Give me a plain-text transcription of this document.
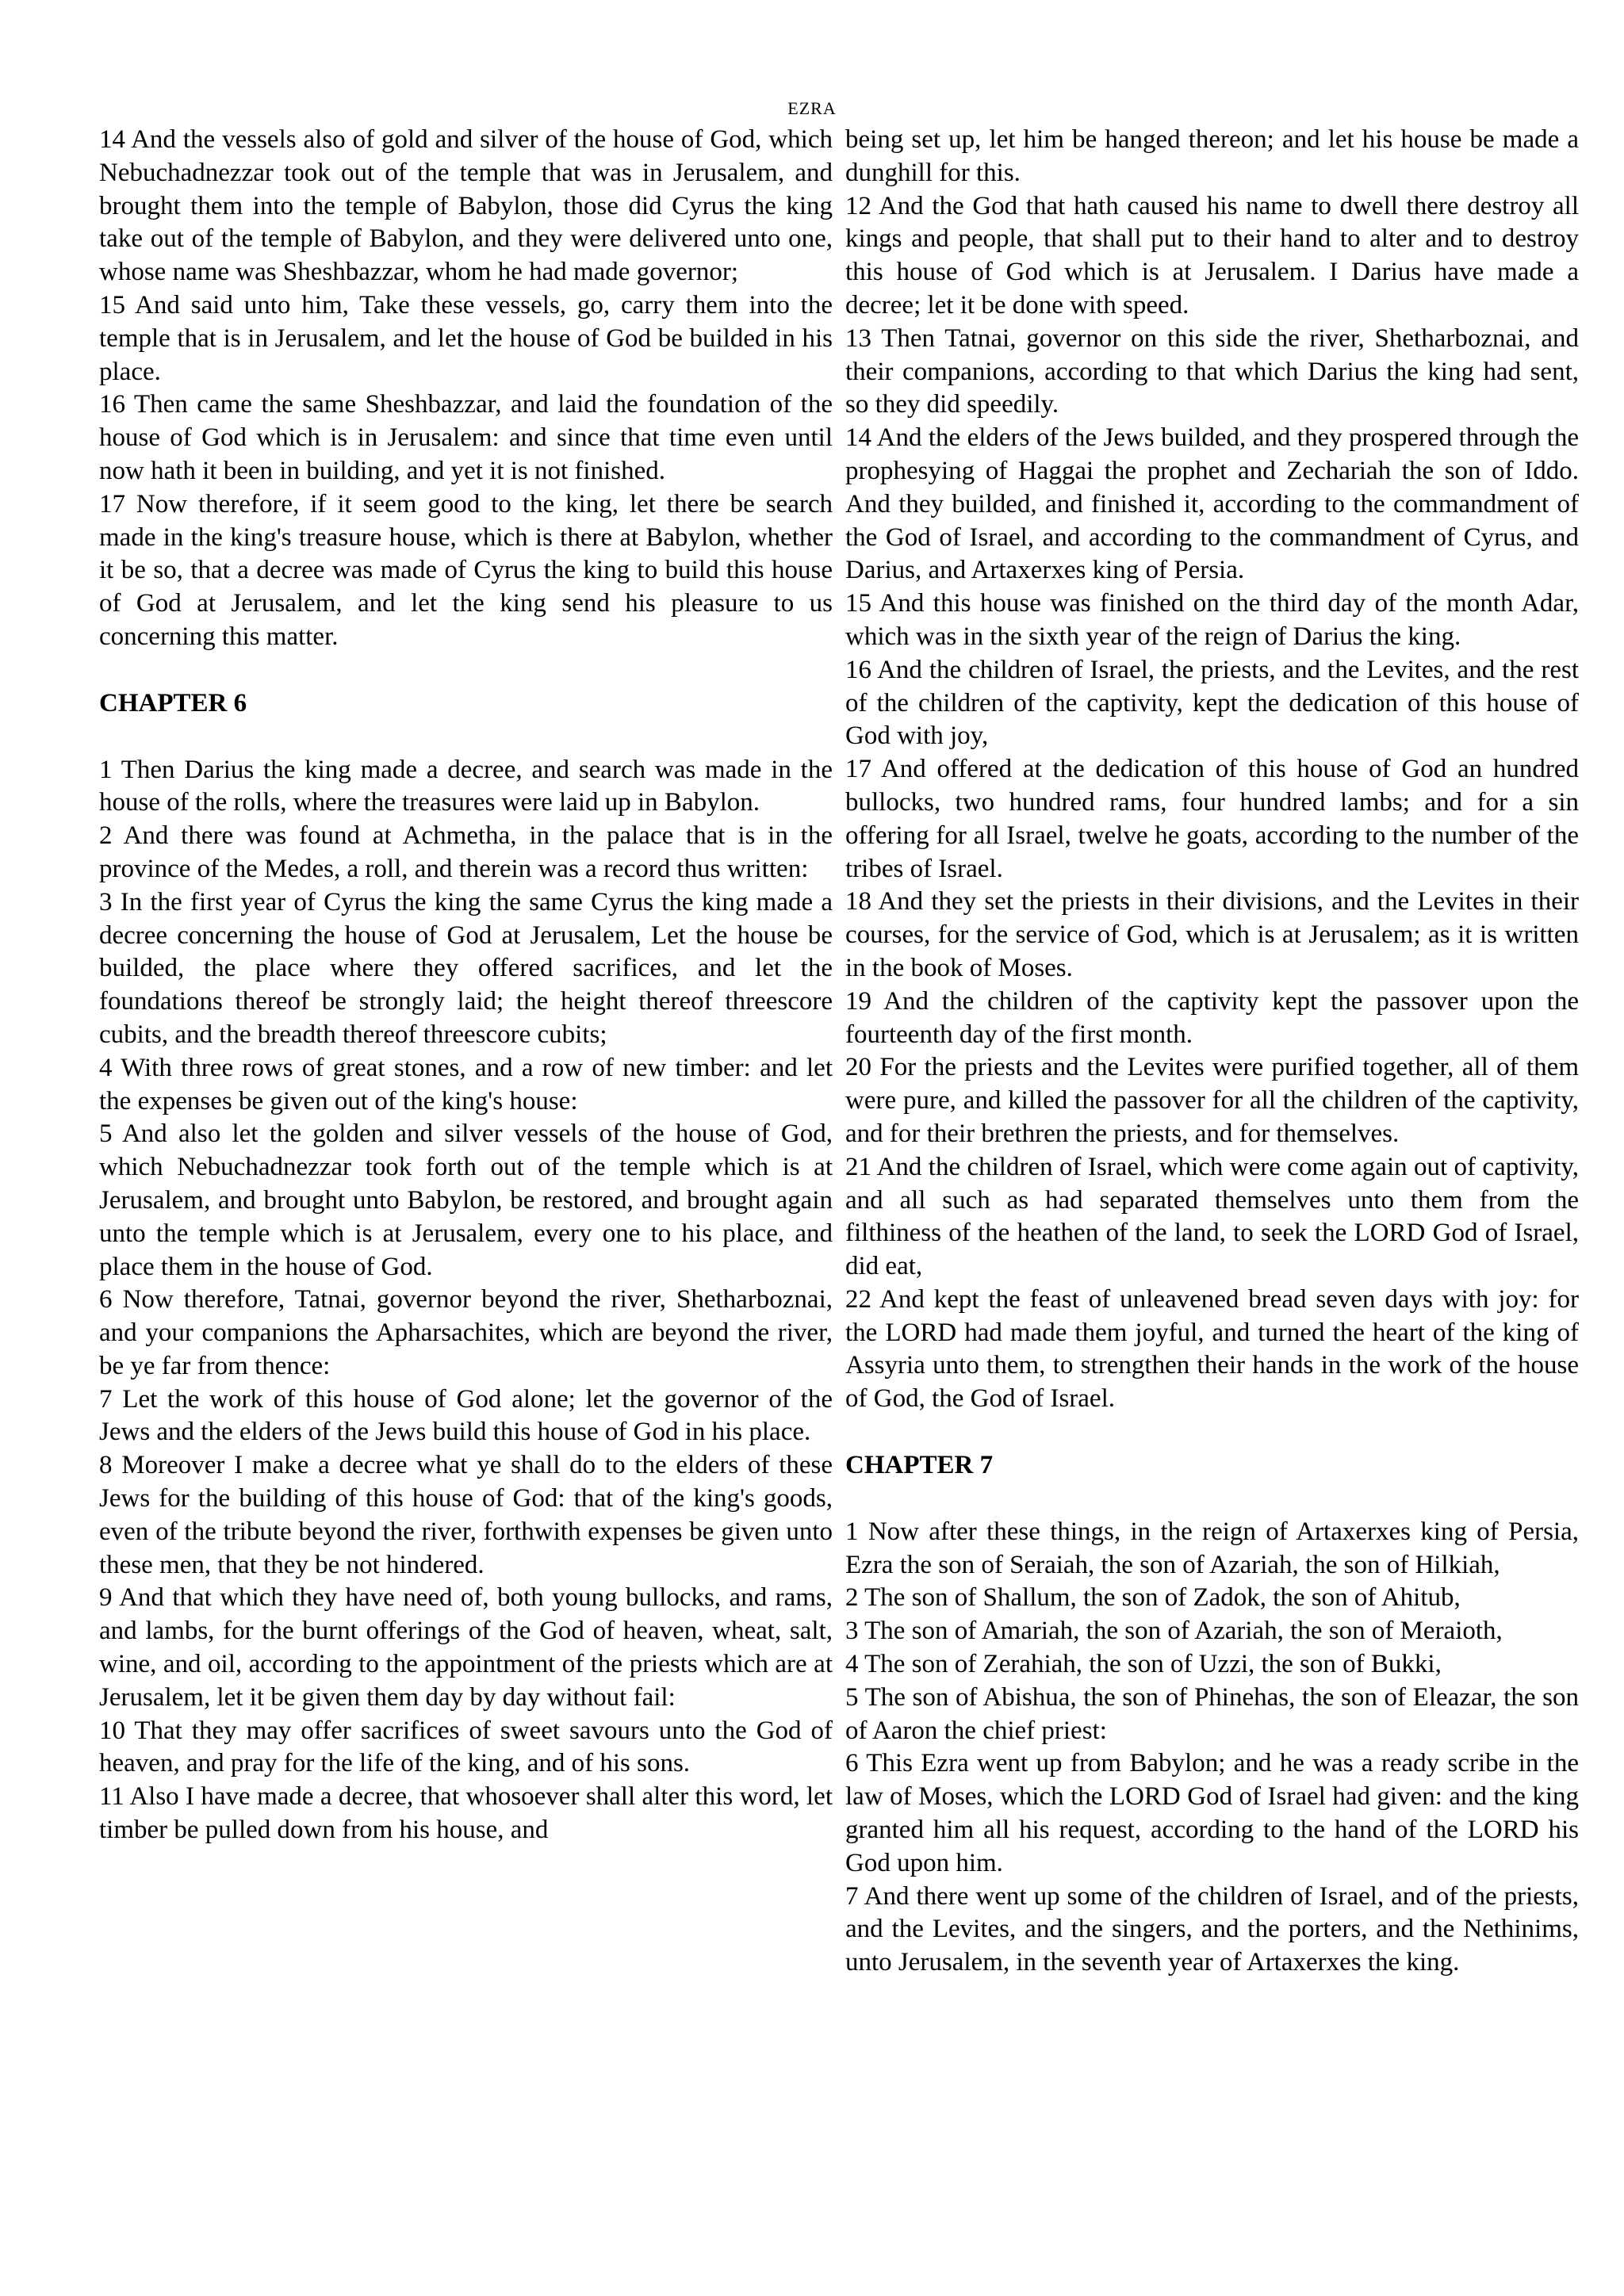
EZRA

14 And the vessels also of gold and silver of the house of God, which Nebuchadnezzar took out of the temple that was in Jerusalem, and brought them into the temple of Babylon, those did Cyrus the king take out of the temple of Babylon, and they were delivered unto one, whose name was Sheshbazzar, whom he had made governor;

15 And said unto him, Take these vessels, go, carry them into the temple that is in Jerusalem, and let the house of God be builded in his place.

16 Then came the same Sheshbazzar, and laid the foundation of the house of God which is in Jerusalem: and since that time even until now hath it been in building, and yet it is not finished.

17 Now therefore, if it seem good to the king, let there be search made in the king's treasure house, which is there at Babylon, whether it be so, that a decree was made of Cyrus the king to build this house of God at Jerusalem, and let the king send his pleasure to us concerning this matter.

CHAPTER 6

1 Then Darius the king made a decree, and search was made in the house of the rolls, where the treasures were laid up in Babylon.

2 And there was found at Achmetha, in the palace that is in the province of the Medes, a roll, and therein was a record thus written:

3 In the first year of Cyrus the king the same Cyrus the king made a decree concerning the house of God at Jerusalem, Let the house be builded, the place where they offered sacrifices, and let the foundations thereof be strongly laid; the height thereof threescore cubits, and the breadth thereof threescore cubits;

4 With three rows of great stones, and a row of new timber: and let the expenses be given out of the king's house:

5 And also let the golden and silver vessels of the house of God, which Nebuchadnezzar took forth out of the temple which is at Jerusalem, and brought unto Babylon, be restored, and brought again unto the temple which is at Jerusalem, every one to his place, and place them in the house of God.

6 Now therefore, Tatnai, governor beyond the river, Shetharboznai, and your companions the Apharsachites, which are beyond the river, be ye far from thence:

7 Let the work of this house of God alone; let the governor of the Jews and the elders of the Jews build this house of God in his place.

8 Moreover I make a decree what ye shall do to the elders of these Jews for the building of this house of God: that of the king's goods, even of the tribute beyond the river, forthwith expenses be given unto these men, that they be not hindered.

9 And that which they have need of, both young bullocks, and rams, and lambs, for the burnt offerings of the God of heaven, wheat, salt, wine, and oil, according to the appointment of the priests which are at Jerusalem, let it be given them day by day without fail:

10 That they may offer sacrifices of sweet savours unto the God of heaven, and pray for the life of the king, and of his sons.

11 Also I have made a decree, that whosoever shall alter this word, let timber be pulled down from his house, and

being set up, let him be hanged thereon; and let his house be made a dunghill for this.

12 And the God that hath caused his name to dwell there destroy all kings and people, that shall put to their hand to alter and to destroy this house of God which is at Jerusalem. I Darius have made a decree; let it be done with speed.

13 Then Tatnai, governor on this side the river, Shetharboznai, and their companions, according to that which Darius the king had sent, so they did speedily.

14 And the elders of the Jews builded, and they prospered through the prophesying of Haggai the prophet and Zechariah the son of Iddo. And they builded, and finished it, according to the commandment of the God of Israel, and according to the commandment of Cyrus, and Darius, and Artaxerxes king of Persia.

15 And this house was finished on the third day of the month Adar, which was in the sixth year of the reign of Darius the king.

16 And the children of Israel, the priests, and the Levites, and the rest of the children of the captivity, kept the dedication of this house of God with joy,

17 And offered at the dedication of this house of God an hundred bullocks, two hundred rams, four hundred lambs; and for a sin offering for all Israel, twelve he goats, according to the number of the tribes of Israel.

18 And they set the priests in their divisions, and the Levites in their courses, for the service of God, which is at Jerusalem; as it is written in the book of Moses.

19 And the children of the captivity kept the passover upon the fourteenth day of the first month.

20 For the priests and the Levites were purified together, all of them were pure, and killed the passover for all the children of the captivity, and for their brethren the priests, and for themselves.

21 And the children of Israel, which were come again out of captivity, and all such as had separated themselves unto them from the filthiness of the heathen of the land, to seek the LORD God of Israel, did eat,

22 And kept the feast of unleavened bread seven days with joy: for the LORD had made them joyful, and turned the heart of the king of Assyria unto them, to strengthen their hands in the work of the house of God, the God of Israel.

CHAPTER 7

1 Now after these things, in the reign of Artaxerxes king of Persia, Ezra the son of Seraiah, the son of Azariah, the son of Hilkiah,

2 The son of Shallum, the son of Zadok, the son of Ahitub,

3 The son of Amariah, the son of Azariah, the son of Meraioth,

4 The son of Zerahiah, the son of Uzzi, the son of Bukki,

5 The son of Abishua, the son of Phinehas, the son of Eleazar, the son of Aaron the chief priest:

6 This Ezra went up from Babylon; and he was a ready scribe in the law of Moses, which the LORD God of Israel had given: and the king granted him all his request, according to the hand of the LORD his God upon him.

7 And there went up some of the children of Israel, and of the priests, and the Levites, and the singers, and the porters, and the Nethinims, unto Jerusalem, in the seventh year of Artaxerxes the king.
